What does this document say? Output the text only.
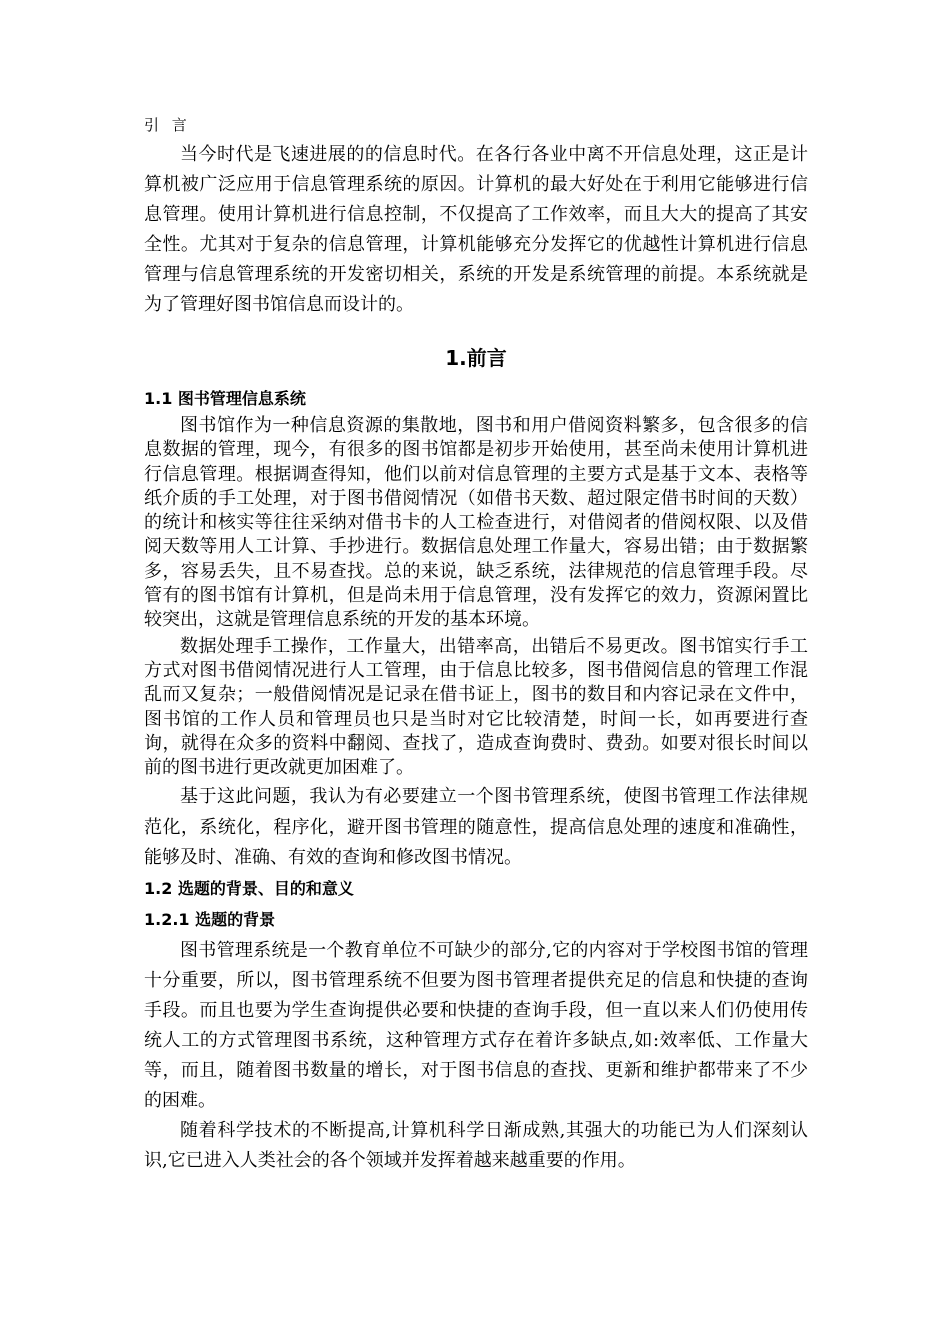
引 言

当今时代是飞速进展的的信息时代。在各行各业中离不开信息处理，这正是计算机被广泛应用于信息管理系统的原因。计算机的最大好处在于利用它能够进行信息管理。使用计算机进行信息控制，不仅提高了工作效率，而且大大的提高了其安全性。尤其对于复杂的信息管理，计算机能够充分发挥它的优越性计算机进行信息管理与信息管理系统的开发密切相关，系统的开发是系统管理的前提。本系统就是为了管理好图书馆信息而设计的。

1.前言
1.1 图书管理信息系统

图书馆作为一种信息资源的集散地，图书和用户借阅资料繁多，包含很多的信息数据的管理，现今，有很多的图书馆都是初步开始使用，甚至尚未使用计算机进行信息管理。根据调查得知，他们以前对信息管理的主要方式是基于文本、表格等纸介质的手工处理，对于图书借阅情况（如借书天数、超过限定借书时间的天数）的统计和核实等往往采纳对借书卡的人工检查进行，对借阅者的借阅权限、以及借阅天数等用人工计算、手抄进行。数据信息处理工作量大，容易出错；由于数据繁多，容易丢失，且不易查找。总的来说，缺乏系统，法律规范的信息管理手段。尽管有的图书馆有计算机，但是尚未用于信息管理，没有发挥它的效力，资源闲置比较突出，这就是管理信息系统的开发的基本环境。

数据处理手工操作，工作量大，出错率高，出错后不易更改。图书馆实行手工方式对图书借阅情况进行人工管理，由于信息比较多，图书借阅信息的管理工作混乱而又复杂；一般借阅情况是记录在借书证上，图书的数目和内容记录在文件中，图书馆的工作人员和管理员也只是当时对它比较清楚，时间一长，如再要进行查询，就得在众多的资料中翻阅、查找了，造成查询费时、费劲。如要对很长时间以前的图书进行更改就更加困难了。

基于这此问题，我认为有必要建立一个图书管理系统，使图书管理工作法律规范化，系统化，程序化，避开图书管理的随意性，提高信息处理的速度和准确性，能够及时、准确、有效的查询和修改图书情况。

1.2 选题的背景、目的和意义
1.2.1 选题的背景

图书管理系统是一个教育单位不可缺少的部分,它的内容对于学校图书馆的管理十分重要，所以，图书管理系统不但要为图书管理者提供充足的信息和快捷的查询手段。而且也要为学生查询提供必要和快捷的查询手段，但一直以来人们仍使用传统人工的方式管理图书系统，这种管理方式存在着许多缺点,如:效率低、工作量大等，而且，随着图书数量的增长，对于图书信息的查找、更新和维护都带来了不少的困难。

随着科学技术的不断提高,计算机科学日渐成熟,其强大的功能已为人们深刻认识,它已进入人类社会的各个领域并发挥着越来越重要的作用。
